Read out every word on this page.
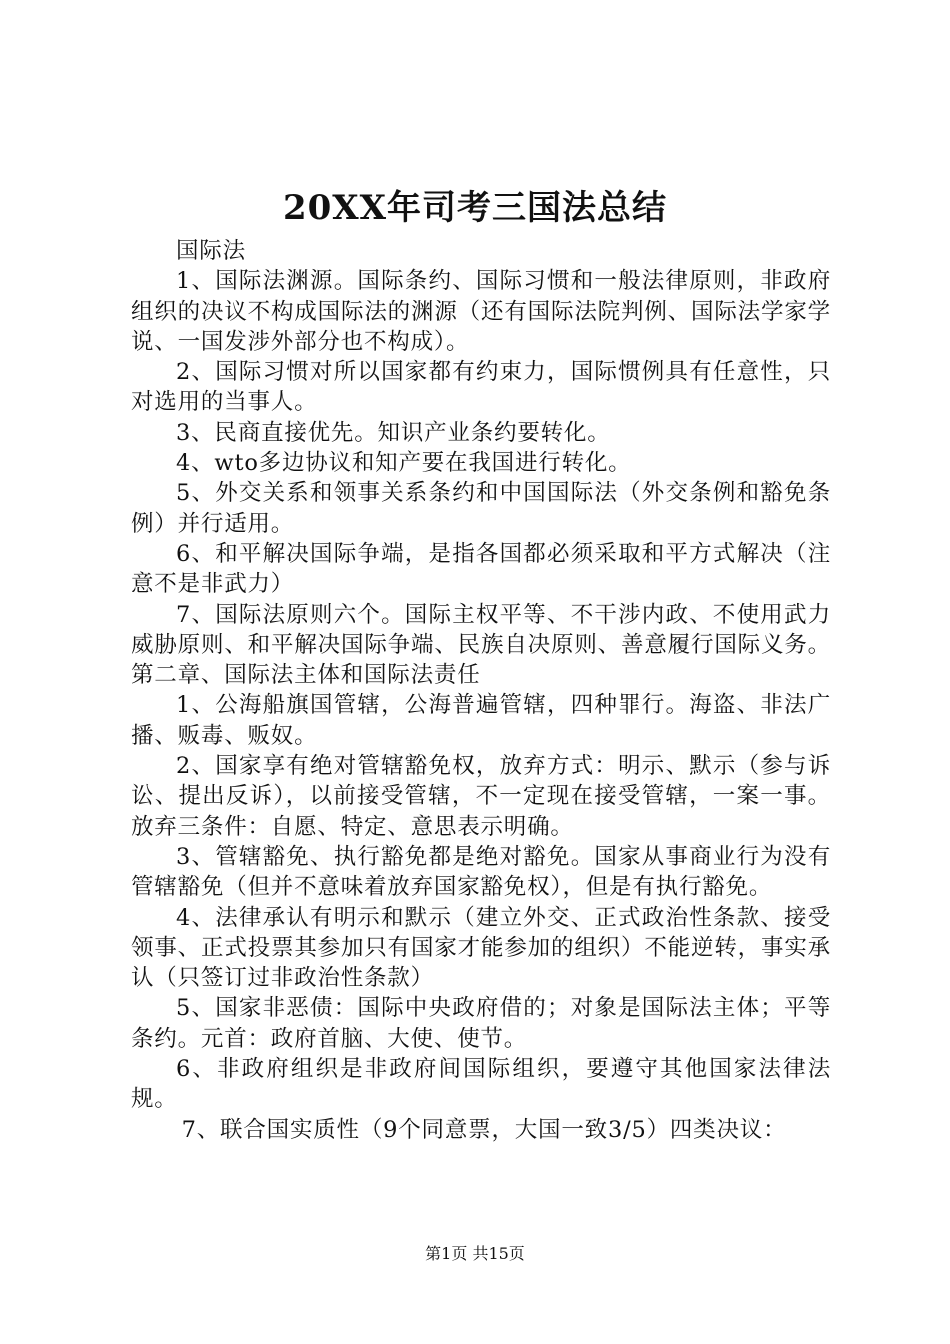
20XX年司考三国法总结

国际法

1、国际法渊源。国际条约、国际习惯和一般法律原则，非政府组织的决议不构成国际法的渊源（还有国际法院判例、国际法学家学说、一国发涉外部分也不构成）。

2、国际习惯对所以国家都有约束力，国际惯例具有任意性，只对选用的当事人。

3、民商直接优先。知识产业条约要转化。

4、wto多边协议和知产要在我国进行转化。

5、外交关系和领事关系条约和中国国际法（外交条例和豁免条例）并行适用。

6、和平解决国际争端，是指各国都必须采取和平方式解决（注意不是非武力）

7、国际法原则六个。国际主权平等、不干涉内政、不使用武力威胁原则、和平解决国际争端、民族自决原则、善意履行国际义务。第二章、国际法主体和国际法责任

1、公海船旗国管辖，公海普遍管辖，四种罪行。海盗、非法广播、贩毒、贩奴。

2、国家享有绝对管辖豁免权，放弃方式：明示、默示（参与诉讼、提出反诉），以前接受管辖，不一定现在接受管辖，一案一事。放弃三条件：自愿、特定、意思表示明确。

3、管辖豁免、执行豁免都是绝对豁免。国家从事商业行为没有管辖豁免（但并不意味着放弃国家豁免权），但是有执行豁免。

4、法律承认有明示和默示（建立外交、正式政治性条款、接受领事、正式投票其参加只有国家才能参加的组织）不能逆转，事实承认（只签订过非政治性条款）

5、国家非恶债：国际中央政府借的；对象是国际法主体；平等条约。元首：政府首脑、大使、使节。

6、非政府组织是非政府间国际组织，要遵守其他国家法律法规。

7、联合国实质性（9个同意票，大国一致3/5）四类决议：

第1页 共15页
